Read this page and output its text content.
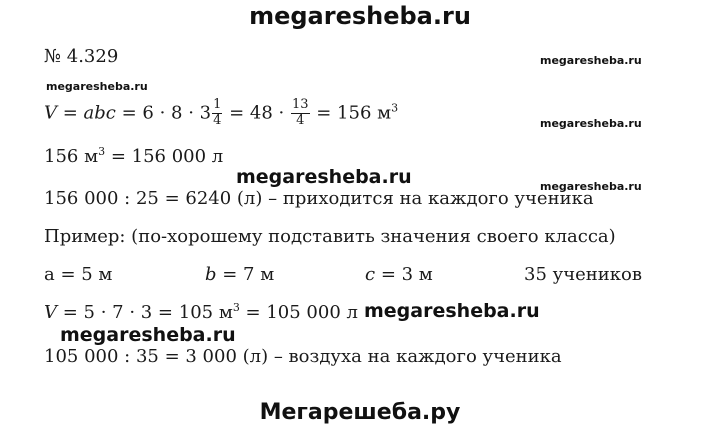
megaresheba.ru
№ 4.329	megaresheba.ru
megaresheba.ru
V = abc = $6 \cdot 8 \cdot 3 \frac{1}{4} = 48 \cdot \frac{13}{4} = 156$ $м^3$
megaresheba.ru
156 $м^3 = 156$ 000 л
megaresheba.ru	megaresheba.ru
156 000 : 25 = 6240 (л) – приходится на каждого ученика
Пример: (по-хорошему подставить значения своего класса)
a = 5 м	b = 7 м	c = 3 м	35 учеников
V = 5 · 7 · 3 = 105 $м^3 = 105$ 000 л megaresheba.ru
megaresheba.ru
105 000 : 35 = 3 000 (л) – воздуха на каждого ученика
Мегарешеба.ру
